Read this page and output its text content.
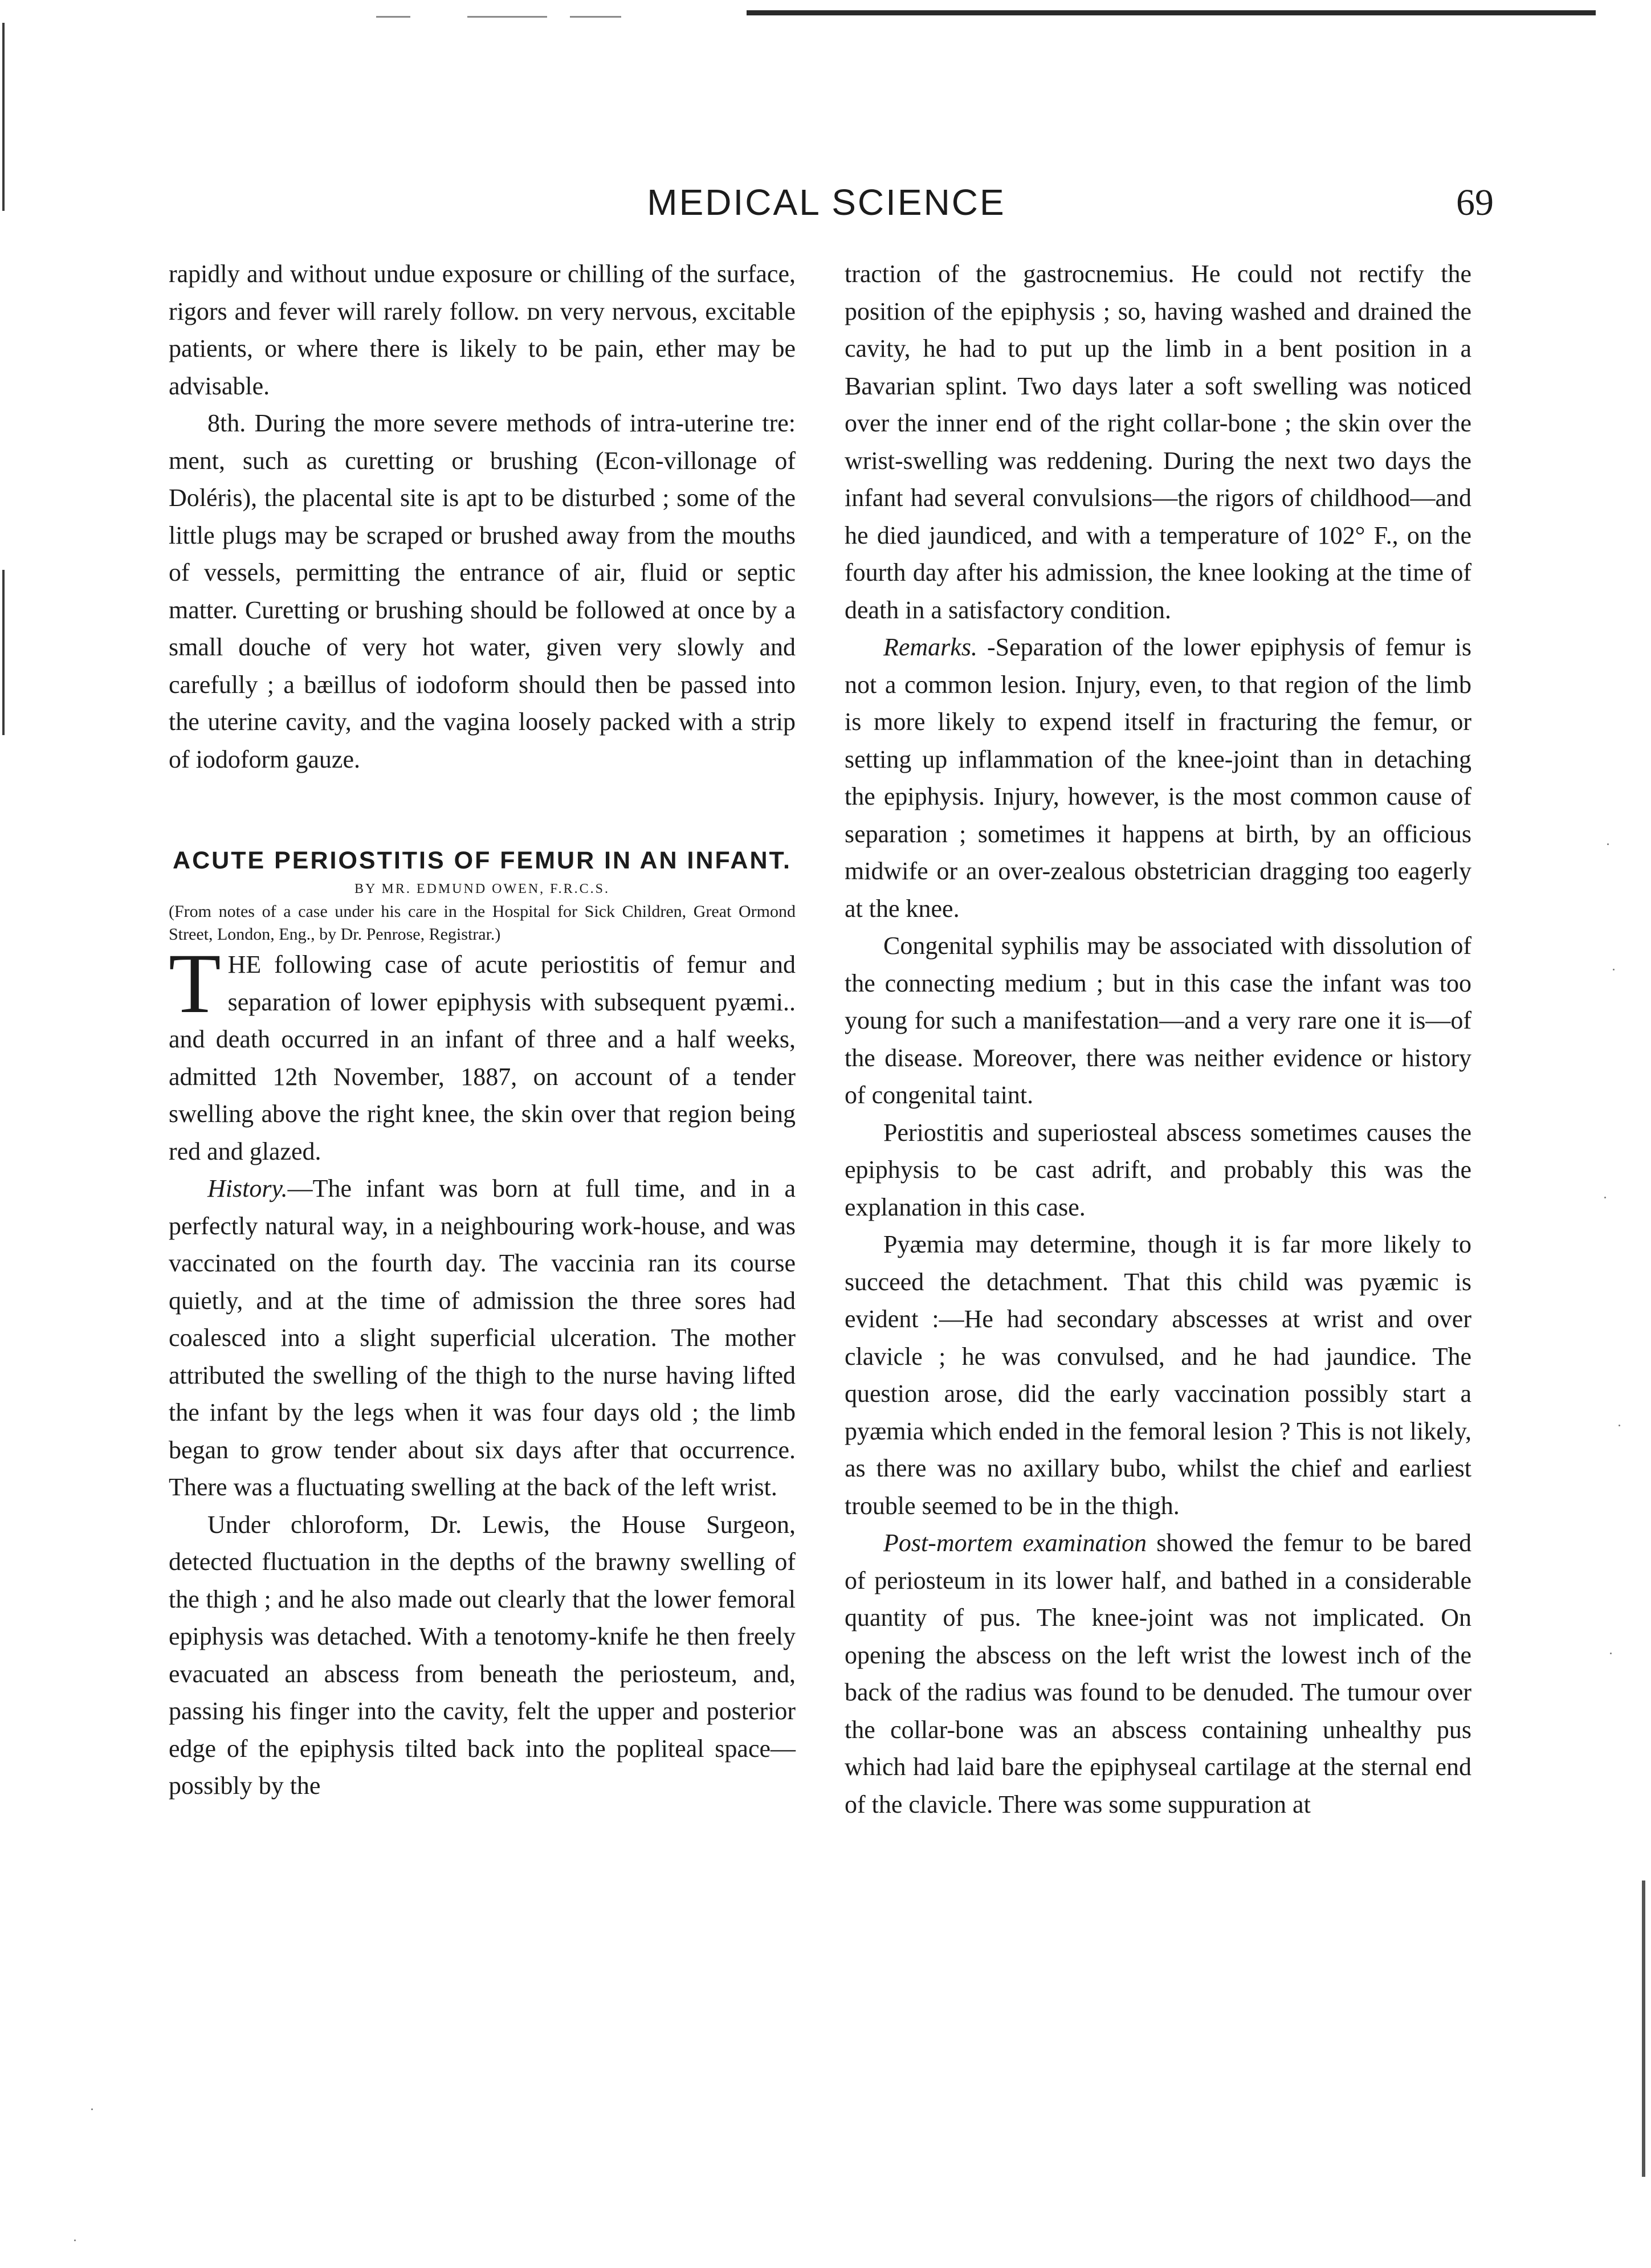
MEDICAL SCIENCE	69

rapidly and without undue exposure or chilling of the surface, rigors and fever will rarely follow. ᴅn very nervous, excitable patients, or where there is likely to be pain, ether may be advisable.

8th. During the more severe methods of intra-uterine tre: ment, such as curetting or brushing (Econ-villonage of Doléris), the placental site is apt to be disturbed ; some of the little plugs may be scraped or brushed away from the mouths of vessels, permitting the entrance of air, fluid or septic matter. Curetting or brushing should be followed at once by a small douche of very hot water, given very slowly and carefully ; a bæillus of iodoform should then be passed into the uterine cavity, and the vagina loosely packed with a strip of iodoform gauze.

ACUTE PERIOSTITIS OF FEMUR IN AN INFANT.

BY MR. EDMUND OWEN, F.R.C.S.

(From notes of a case under his care in the Hospital for Sick Children, Great Ormond Street, London, Eng., by Dr. Penrose, Registrar.)

THE following case of acute periostitis of femur and separation of lower epiphysis with subsequent pyæmi.. and death occurred in an infant of three and a half weeks, admitted 12th November, 1887, on account of a tender swelling above the right knee, the skin over that region being red and glazed.

History.—The infant was born at full time, and in a perfectly natural way, in a neighbouring work-house, and was vaccinated on the fourth day. The vaccinia ran its course quietly, and at the time of admission the three sores had coalesced into a slight superficial ulceration. The mother attributed the swelling of the thigh to the nurse having lifted the infant by the legs when it was four days old ; the limb began to grow tender about six days after that occurrence. There was a fluctuating swelling at the back of the left wrist.

Under chloroform, Dr. Lewis, the House Surgeon, detected fluctuation in the depths of the brawny swelling of the thigh ; and he also made out clearly that the lower femoral epiphysis was detached. With a tenotomy-knife he then freely evacuated an abscess from beneath the periosteum, and, passing his finger into the cavity, felt the upper and posterior edge of the epiphysis tilted back into the popliteal space—possibly by the

traction of the gastrocnemius. He could not rectify the position of the epiphysis ; so, having washed and drained the cavity, he had to put up the limb in a bent position in a Bavarian splint. Two days later a soft swelling was noticed over the inner end of the right collar-bone ; the skin over the wrist-swelling was reddening. During the next two days the infant had several convulsions—the rigors of childhood—and he died jaundiced, and with a temperature of 102° F., on the fourth day after his admission, the knee looking at the time of death in a satisfactory condition.

Remarks. -Separation of the lower epiphysis of femur is not a common lesion. Injury, even, to that region of the limb is more likely to expend itself in fracturing the femur, or setting up inflammation of the knee-joint than in detaching the epiphysis. Injury, however, is the most common cause of separation ; sometimes it happens at birth, by an officious midwife or an over-zealous obstetrician dragging too eagerly at the knee.

Congenital syphilis may be associated with dissolution of the connecting medium ; but in this case the infant was too young for such a manifestation—and a very rare one it is—of the disease. Moreover, there was neither evidence or history of congenital taint.

Periostitis and superiosteal abscess sometimes causes the epiphysis to be cast adrift, and probably this was the explanation in this case.

Pyæmia may determine, though it is far more likely to succeed the detachment. That this child was pyæmic is evident :—He had secondary abscesses at wrist and over clavicle ; he was convulsed, and he had jaundice. The question arose, did the early vaccination possibly start a pyæmia which ended in the femoral lesion ? This is not likely, as there was no axillary bubo, whilst the chief and earliest trouble seemed to be in the thigh.

Post-mortem examination showed the femur to be bared of periosteum in its lower half, and bathed in a considerable quantity of pus. The knee-joint was not implicated. On opening the abscess on the left wrist the lowest inch of the back of the radius was found to be denuded. The tumour over the collar-bone was an abscess containing unhealthy pus which had laid bare the epiphyseal cartilage at the sternal end of the clavicle. There was some suppuration at
